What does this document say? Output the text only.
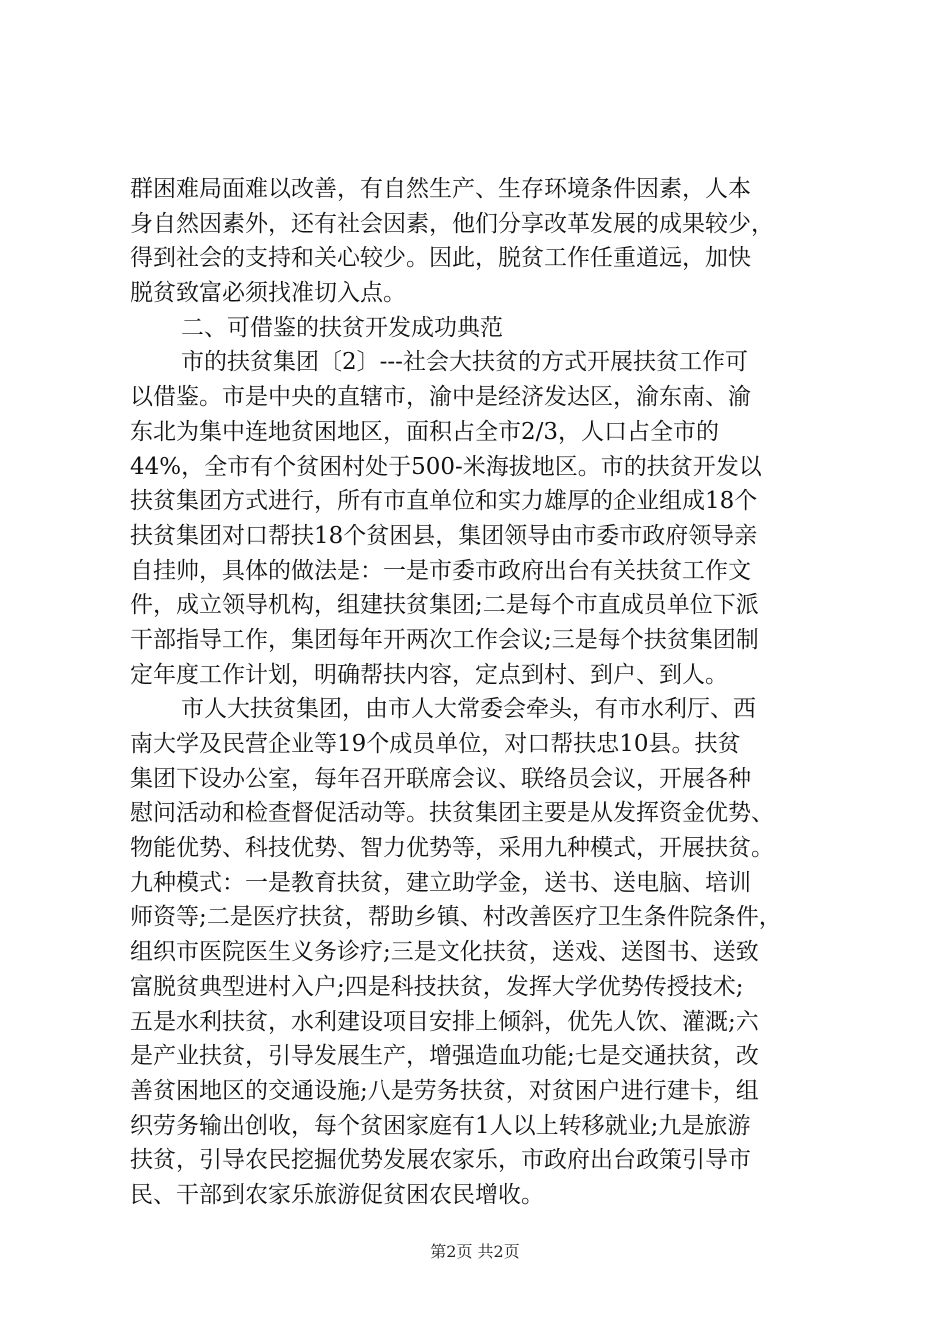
群困难局面难以改善，有自然生产、生存环境条件因素，人本
身自然因素外，还有社会因素，他们分享改革发展的成果较少，
得到社会的支持和关心较少。因此，脱贫工作任重道远，加快
脱贫致富必须找准切入点。
二、可借鉴的扶贫开发成功典范
市的扶贫集团〔2〕---社会大扶贫的方式开展扶贫工作可
以借鉴。市是中央的直辖市，渝中是经济发达区，渝东南、渝
东北为集中连地贫困地区，面积占全市2/3，人口占全市的
44%，全市有个贫困村处于500-米海拔地区。市的扶贫开发以
扶贫集团方式进行，所有市直单位和实力雄厚的企业组成18个
扶贫集团对口帮扶18个贫困县，集团领导由市委市政府领导亲
自挂帅，具体的做法是：一是市委市政府出台有关扶贫工作文
件，成立领导机构，组建扶贫集团;二是每个市直成员单位下派
干部指导工作，集团每年开两次工作会议;三是每个扶贫集团制
定年度工作计划，明确帮扶内容，定点到村、到户、到人。
市人大扶贫集团，由市人大常委会牵头，有市水利厅、西
南大学及民营企业等19个成员单位，对口帮扶忠10县。扶贫
集团下设办公室，每年召开联席会议、联络员会议，开展各种
慰问活动和检查督促活动等。扶贫集团主要是从发挥资金优势、
物能优势、科技优势、智力优势等，采用九种模式，开展扶贫。
九种模式：一是教育扶贫，建立助学金，送书、送电脑、培训
师资等;二是医疗扶贫，帮助乡镇、村改善医疗卫生条件院条件，
组织市医院医生义务诊疗;三是文化扶贫，送戏、送图书、送致
富脱贫典型进村入户;四是科技扶贫，发挥大学优势传授技术;
五是水利扶贫，水利建设项目安排上倾斜，优先人饮、灌溉;六
是产业扶贫，引导发展生产，增强造血功能;七是交通扶贫，改
善贫困地区的交通设施;八是劳务扶贫，对贫困户进行建卡，组
织劳务输出创收，每个贫困家庭有1人以上转移就业;九是旅游
扶贫，引导农民挖掘优势发展农家乐，市政府出台政策引导市
民、干部到农家乐旅游促贫困农民增收。
第2页 共2页
